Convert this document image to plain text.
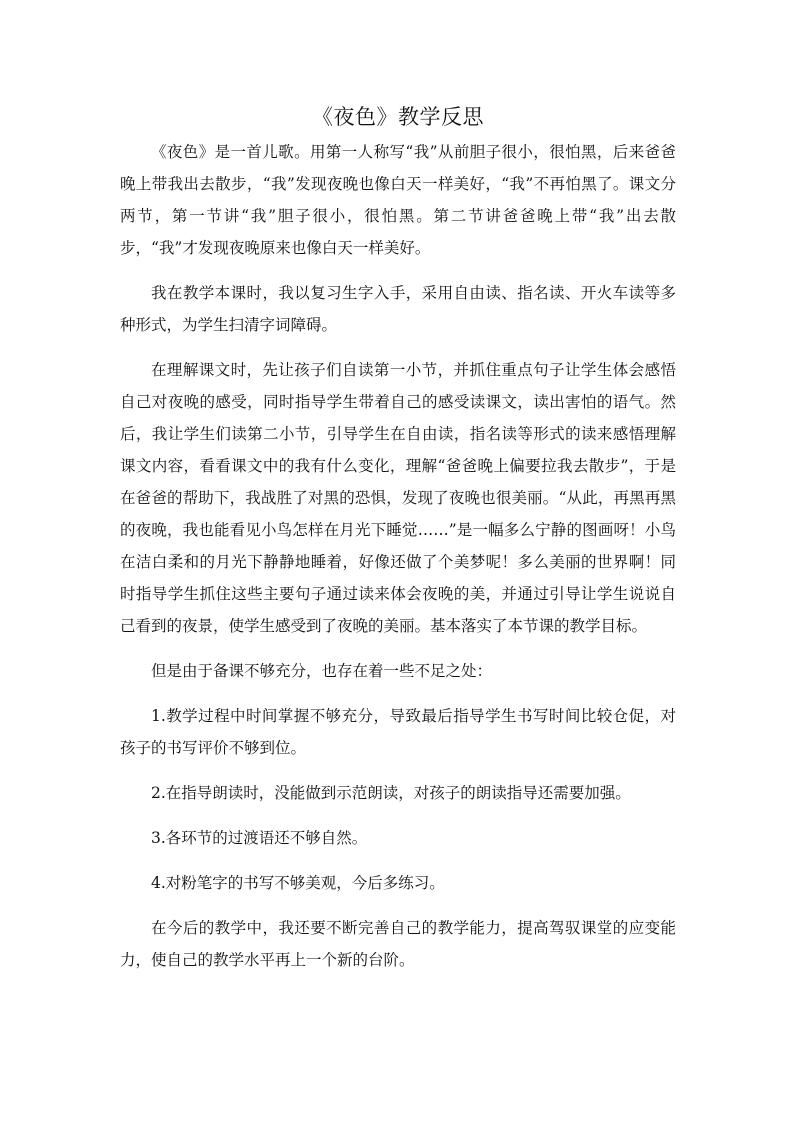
《夜色》教学反思

《夜色》是一首儿歌。用第一人称写“我”从前胆子很小，很怕黑，后来爸爸晚上带我出去散步，“我”发现夜晚也像白天一样美好，“我”不再怕黑了。课文分两节，第一节讲“我”胆子很小，很怕黑。第二节讲爸爸晚上带“我”出去散步，“我”才发现夜晚原来也像白天一样美好。

我在教学本课时，我以复习生字入手，采用自由读、指名读、开火车读等多种形式，为学生扫清字词障碍。

在理解课文时，先让孩子们自读第一小节，并抓住重点句子让学生体会感悟自己对夜晚的感受，同时指导学生带着自己的感受读课文，读出害怕的语气。然后，我让学生们读第二小节，引导学生在自由读，指名读等形式的读来感悟理解课文内容，看看课文中的我有什么变化，理解“爸爸晚上偏要拉我去散步”，于是在爸爸的帮助下，我战胜了对黑的恐惧，发现了夜晚也很美丽。“从此，再黑再黑的夜晚，我也能看见小鸟怎样在月光下睡觉……”是一幅多么宁静的图画呀！小鸟在洁白柔和的月光下静静地睡着，好像还做了个美梦呢！多么美丽的世界啊！同时指导学生抓住这些主要句子通过读来体会夜晚的美，并通过引导让学生说说自己看到的夜景，使学生感受到了夜晚的美丽。基本落实了本节课的教学目标。

但是由于备课不够充分，也存在着一些不足之处：

1.教学过程中时间掌握不够充分，导致最后指导学生书写时间比较仓促，对孩子的书写评价不够到位。

2.在指导朗读时，没能做到示范朗读，对孩子的朗读指导还需要加强。

3.各环节的过渡语还不够自然。

4.对粉笔字的书写不够美观，今后多练习。

在今后的教学中，我还要不断完善自己的教学能力，提高驾驭课堂的应变能力，使自己的教学水平再上一个新的台阶。
